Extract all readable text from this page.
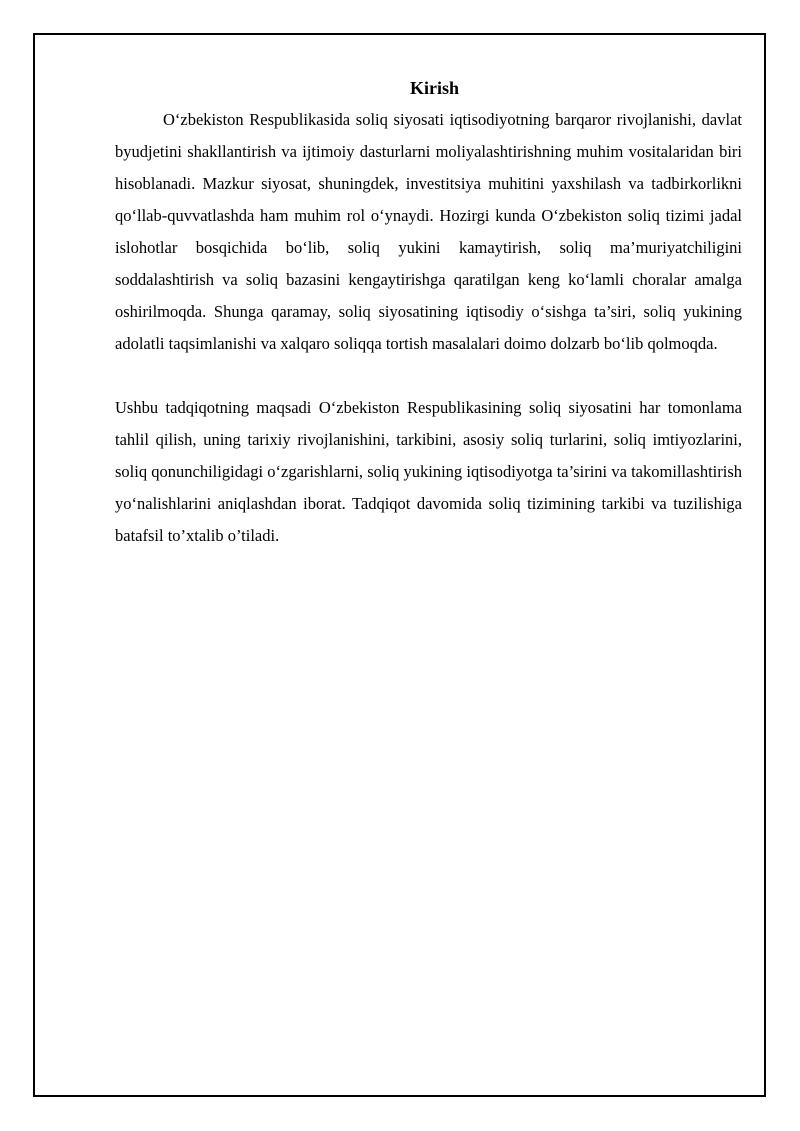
Kirish

O‘zbekiston Respublikasida soliq siyosati iqtisodiyotning barqaror rivojlanishi, davlat byudjetini shakllantirish va ijtimoiy dasturlarni moliyalashtirishning muhim vositalaridan biri hisoblanadi. Mazkur siyosat, shuningdek, investitsiya muhitini yaxshilash va tadbirkorlikni qo‘llab-quvvatlashda ham muhim rol o‘ynaydi. Hozirgi kunda O‘zbekiston soliq tizimi jadal islohotlar bosqichida bo‘lib, soliq yukini kamaytirish, soliq ma’muriyatchiligini soddalashtirish va soliq bazasini kengaytirishga qaratilgan keng ko‘lamli choralar amalga oshirilmoqda. Shunga qaramay, soliq siyosatining iqtisodiy o‘sishga ta’siri, soliq yukining adolatli taqsimlanishi va xalqaro soliqqa tortish masalalari doimo dolzarb bo‘lib qolmoqda.

Ushbu tadqiqotning maqsadi O‘zbekiston Respublikasining soliq siyosatini har tomonlama tahlil qilish, uning tarixiy rivojlanishini, tarkibini, asosiy soliq turlarini, soliq imtiyozlarini, soliq qonunchiligidagi o‘zgarishlarni, soliq yukining iqtisodiyotga ta’sirini va takomillashtirish yo‘nalishlarini aniqlashdan iborat. Tadqiqot davomida soliq tizimining tarkibi va tuzilishiga batafsil to’xtalib o’tiladi.
